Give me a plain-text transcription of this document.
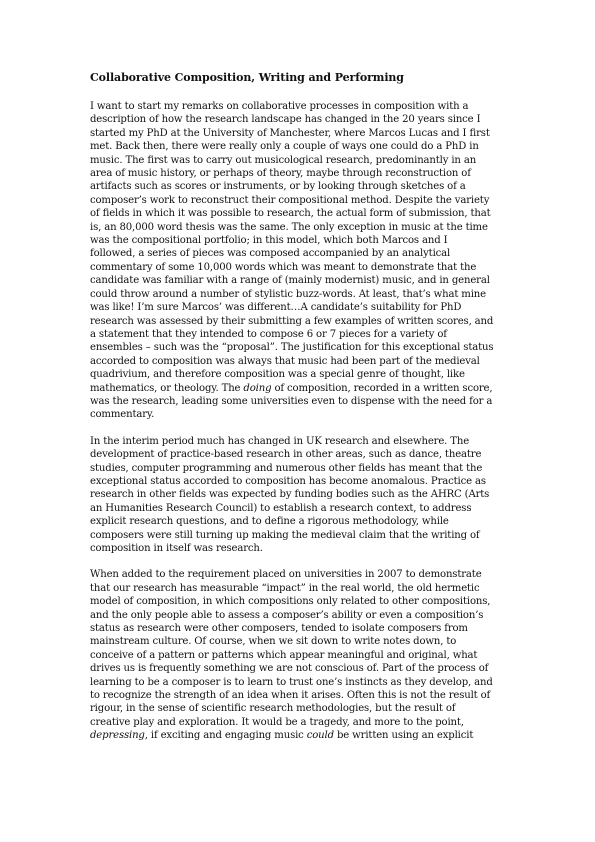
Collaborative Composition, Writing and Performing
I want to start my remarks on collaborative processes in composition with a
description of how the research landscape has changed in the 20 years since I
started my PhD at the University of Manchester, where Marcos Lucas and I first
met. Back then, there were really only a couple of ways one could do a PhD in
music. The first was to carry out musicological research, predominantly in an
area of music history, or perhaps of theory, maybe through reconstruction of
artifacts such as scores or instruments, or by looking through sketches of a
composer’s work to reconstruct their compositional method. Despite the variety
of fields in which it was possible to research, the actual form of submission, that
is, an 80,000 word thesis was the same. The only exception in music at the time
was the compositional portfolio; in this model, which both Marcos and I
followed, a series of pieces was composed accompanied by an analytical
commentary of some 10,000 words which was meant to demonstrate that the
candidate was familiar with a range of (mainly modernist) music, and in general
could throw around a number of stylistic buzz-words. At least, that’s what mine
was like! I’m sure Marcos’ was different…A candidate’s suitability for PhD
research was assessed by their submitting a few examples of written scores, and
a statement that they intended to compose 6 or 7 pieces for a variety of
ensembles – such was the “proposal”. The justification for this exceptional status
accorded to composition was always that music had been part of the medieval
quadrivium, and therefore composition was a special genre of thought, like
mathematics, or theology. The doing of composition, recorded in a written score,
was the research, leading some universities even to dispense with the need for a
commentary.
In the interim period much has changed in UK research and elsewhere. The
development of practice-based research in other areas, such as dance, theatre
studies, computer programming and numerous other fields has meant that the
exceptional status accorded to composition has become anomalous. Practice as
research in other fields was expected by funding bodies such as the AHRC (Arts
an Humanities Research Council) to establish a research context, to address
explicit research questions, and to define a rigorous methodology, while
composers were still turning up making the medieval claim that the writing of
composition in itself was research.
When added to the requirement placed on universities in 2007 to demonstrate
that our research has measurable “impact” in the real world, the old hermetic
model of composition, in which compositions only related to other compositions,
and the only people able to assess a composer’s ability or even a composition’s
status as research were other composers, tended to isolate composers from
mainstream culture. Of course, when we sit down to write notes down, to
conceive of a pattern or patterns which appear meaningful and original, what
drives us is frequently something we are not conscious of. Part of the process of
learning to be a composer is to learn to trust one’s instincts as they develop, and
to recognize the strength of an idea when it arises. Often this is not the result of
rigour, in the sense of scientific research methodologies, but the result of
creative play and exploration. It would be a tragedy, and more to the point,
depressing, if exciting and engaging music could be written using an explicit
